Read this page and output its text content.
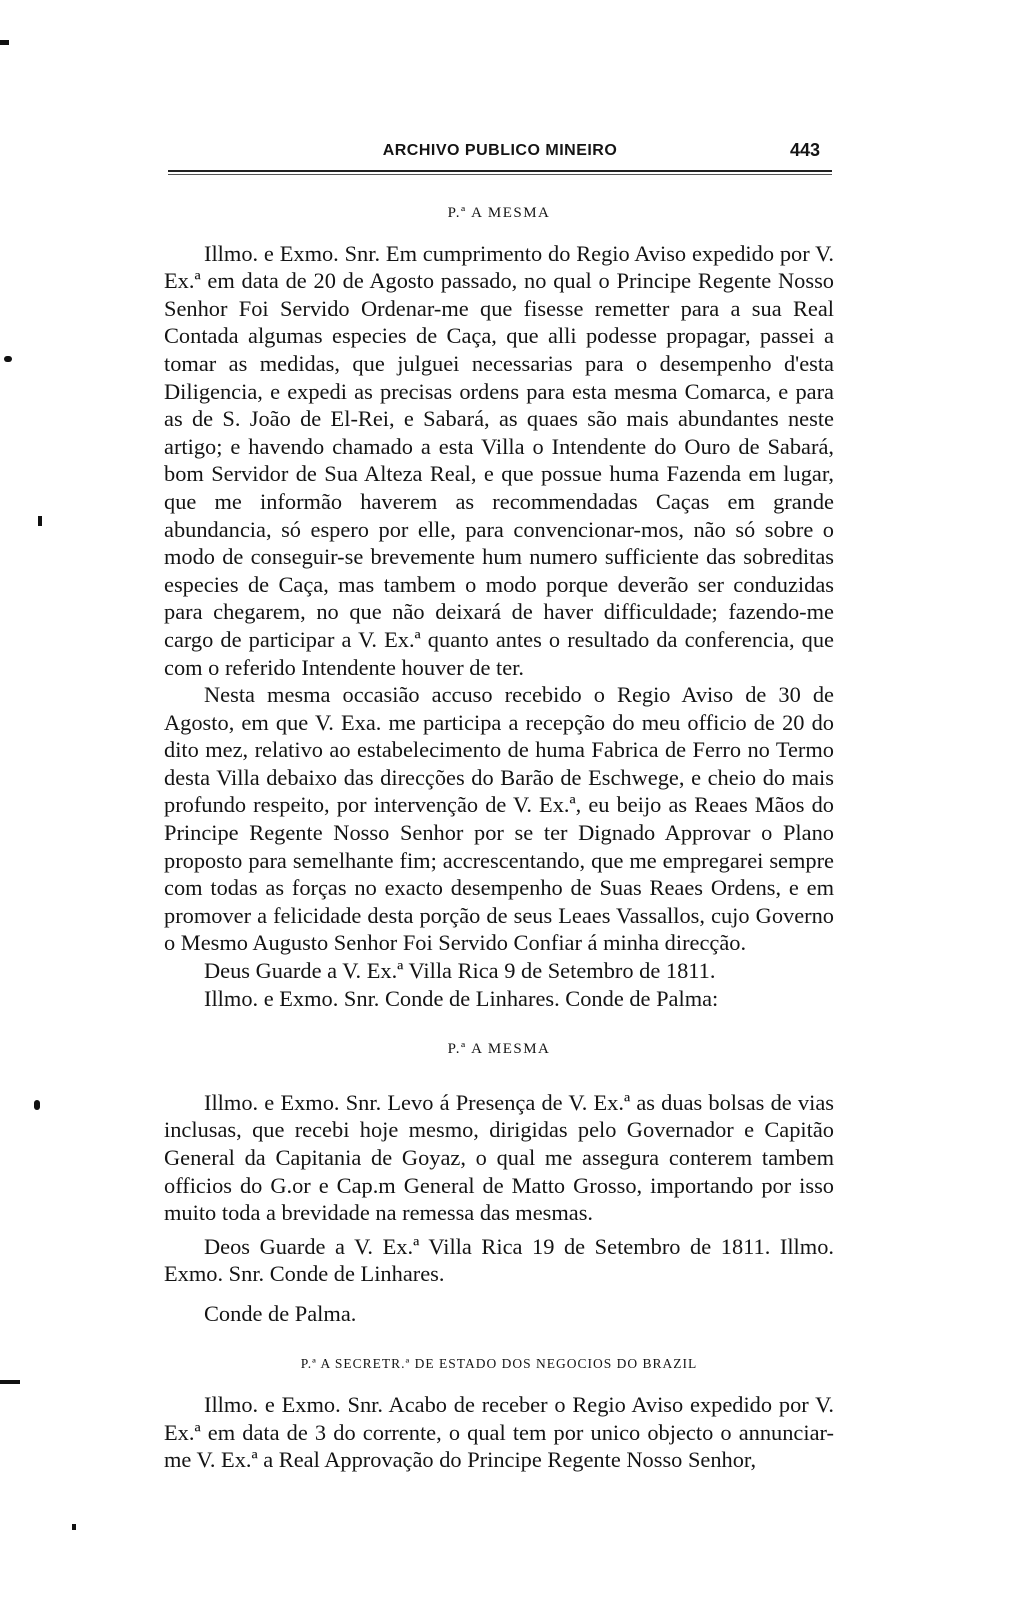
ARCHIVO PUBLICO MINEIRO	443
P.ª A MESMA

Illmo. e Exmo. Snr. Em cumprimento do Regio Aviso expedido por V. Ex.ª em data de 20 de Agosto passado, no qual o Principe Regente Nosso Senhor Foi Servido Ordenar-me que fisesse remetter para a sua Real Contada algumas especies de Caça, que alli podesse propagar, passei a tomar as medidas, que julguei necessarias para o desempenho d'esta Diligencia, e expedi as precisas ordens para esta mesma Comarca, e para as de S. João de El-Rei, e Sabará, as quaes são mais abundantes neste artigo; e havendo chamado a esta Villa o Intendente do Ouro de Sabará, bom Servidor de Sua Alteza Real, e que possue huma Fazenda em lugar, que me informão haverem as recommendadas Caças em grande abundancia, só espero por elle, para convencionar-mos, não só sobre o modo de conseguir-se brevemente hum numero sufficiente das sobreditas especies de Caça, mas tambem o modo porque deverão ser conduzidas para chegarem, no que não deixará de haver difficuldade; fazendo-me cargo de participar a V. Ex.ª quanto antes o resultado da conferencia, que com o referido Intendente houver de ter.

Nesta mesma occasião accuso recebido o Regio Aviso de 30 de Agosto, em que V. Exa. me participa a recepção do meu officio de 20 do dito mez, relativo ao estabelecimento de huma Fabrica de Ferro no Termo desta Villa debaixo das direcções do Barão de Eschwege, e cheio do mais profundo respeito, por intervenção de V. Ex.ª, eu beijo as Reaes Mãos do Principe Regente Nosso Senhor por se ter Dignado Approvar o Plano proposto para semelhante fim; accrescentando, que me empregarei sempre com todas as forças no exacto desempenho de Suas Reaes Ordens, e em promover a felicidade desta porção de seus Leaes Vassallos, cujo Governo o Mesmo Augusto Senhor Foi Servido Confiar á minha direcção.

Deus Guarde a V. Ex.ª Villa Rica 9 de Setembro de 1811.

Illmo. e Exmo. Snr. Conde de Linhares. Conde de Palma:

P.ª A MESMA

Illmo. e Exmo. Snr. Levo á Presença de V. Ex.ª as duas bolsas de vias inclusas, que recebi hoje mesmo, dirigidas pelo Governador e Capitão General da Capitania de Goyaz, o qual me assegura conterem tambem officios do G.or e Cap.m General de Matto Grosso, importando por isso muito toda a brevidade na remessa das mesmas.

Deos Guarde a V. Ex.ª Villa Rica 19 de Setembro de 1811. Illmo. Exmo. Snr. Conde de Linhares.

Conde de Palma.

P.ª A SECRETR.ª DE ESTADO DOS NEGOCIOS DO BRAZIL

Illmo. e Exmo. Snr. Acabo de receber o Regio Aviso expedido por V. Ex.ª em data de 3 do corrente, o qual tem por unico objecto o annunciar-me V. Ex.ª a Real Approvação do Principe Regente Nosso Senhor,
